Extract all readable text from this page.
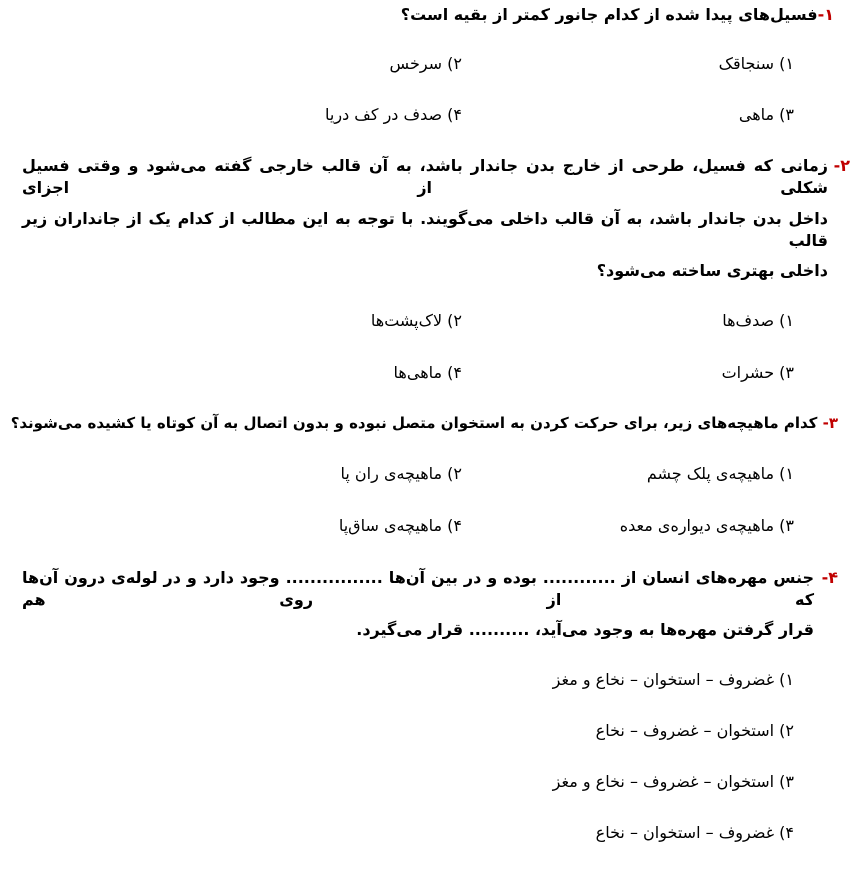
۱-فسیل‌های پیدا شده از کدام جانور کمتر از بقیه است؟
۱) سنجاقک
۲) سرخس
۳) ماهی
۴) صدف در کف دریا
۲-
زمانی که فسیل، طرحی از خارج بدن جاندار باشد، به آن قالب خارجی گفته می‌شود و وقتی فسیل شکلی از اجزای
داخل بدن جاندار باشد، به آن قالب داخلی می‌گویند. با توجه به این مطالب از کدام یک از جانداران زیر قالب
داخلی بهتری ساخته می‌شود؟
۱) صدف‌ها
۲) لاک‌پشت‌ها
۳) حشرات
۴) ماهی‌ها
۳- کدام ماهیچه‌های زیر، برای حرکت کردن به استخوان متصل نبوده و بدون اتصال به آن کوتاه یا کشیده می‌شوند؟
۱) ماهیچه‌ی پلک چشم
۲) ماهیچه‌ی ران پا
۳) ماهیچه‌ی دیواره‌ی معده
۴) ماهیچه‌ی ساق‌پا
۴-
جنس مهره‌های انسان از ............ بوده و در بین آن‌ها ................ وجود دارد و در لوله‌ی درون آن‌ها که از روی هم
قرار گرفتن مهره‌ها به وجود می‌آید، .......... قرار می‌گیرد.
۱) غضروف – استخوان – نخاع و مغز
۲) استخوان – غضروف – نخاع
۳) استخوان – غضروف – نخاع و مغز
۴) غضروف – استخوان – نخاع
